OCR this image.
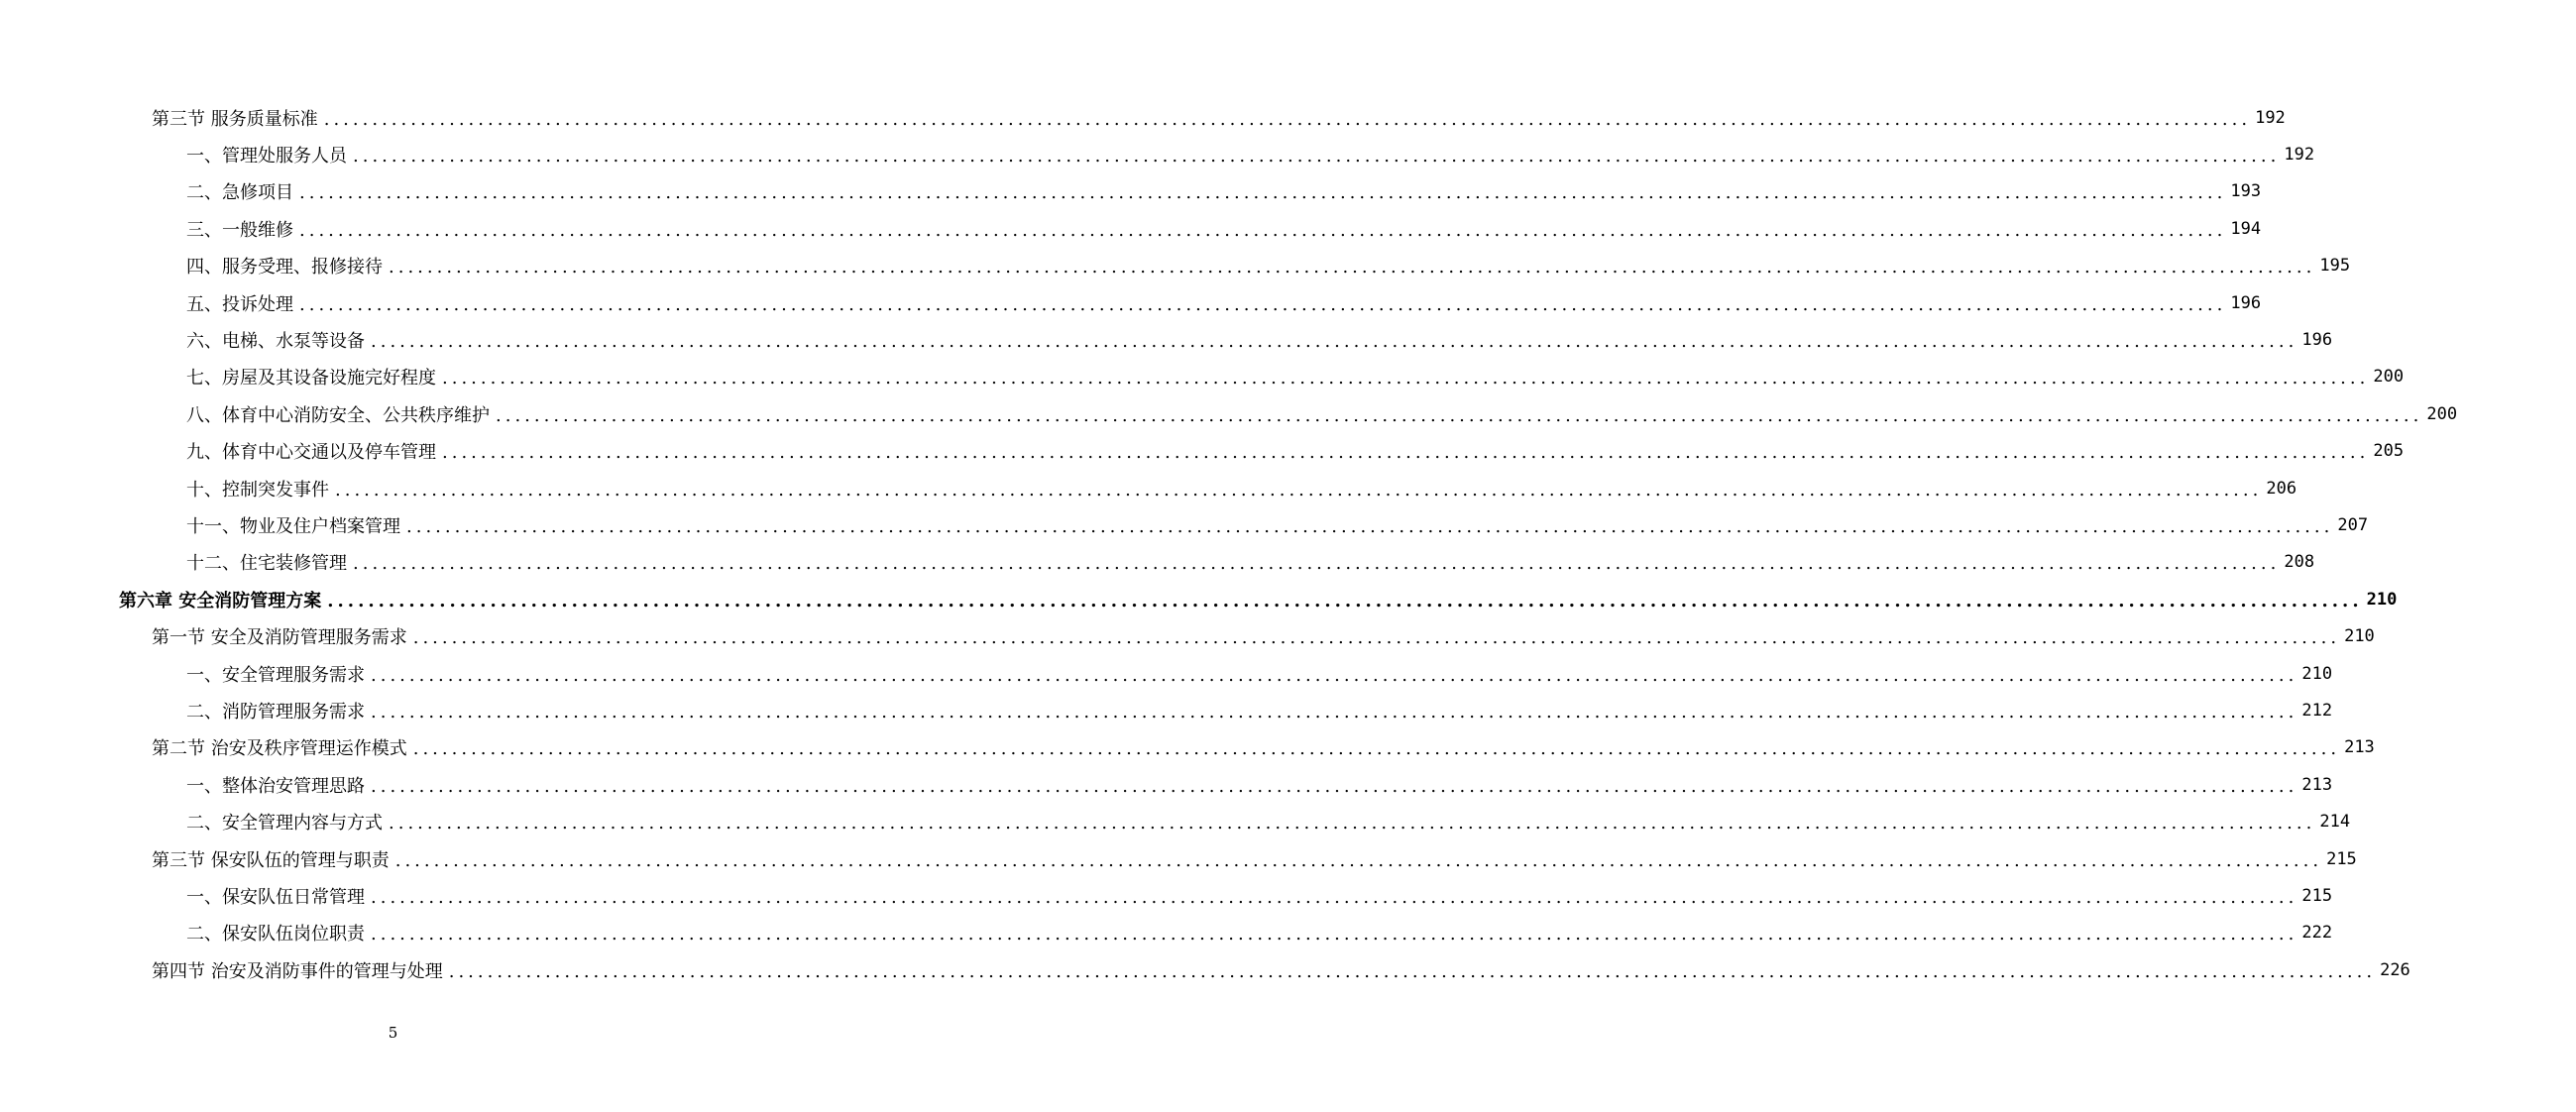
第三节 服务质量标准 ........................................................................................................................................................................................................ 192
一、管理处服务人员 ........................................................................................................................................................................................................ 192
二、急修项目 ........................................................................................................................................................................................................ 193
三、一般维修 ........................................................................................................................................................................................................ 194
四、服务受理、报修接待 ........................................................................................................................................................................................................ 195
五、投诉处理 ........................................................................................................................................................................................................ 196
六、电梯、水泵等设备 ........................................................................................................................................................................................................ 196
七、房屋及其设备设施完好程度 ........................................................................................................................................................................................................ 200
八、体育中心消防安全、公共秩序维护 ........................................................................................................................................................................................................ 200
九、体育中心交通以及停车管理 ........................................................................................................................................................................................................ 205
十、控制突发事件 ........................................................................................................................................................................................................ 206
十一、物业及住户档案管理 ........................................................................................................................................................................................................ 207
十二、住宅装修管理 ........................................................................................................................................................................................................ 208
第六章 安全消防管理方案 ........................................................................................................................................................................................................ 210
第一节 安全及消防管理服务需求 ........................................................................................................................................................................................................ 210
一、安全管理服务需求 ........................................................................................................................................................................................................ 210
二、消防管理服务需求 ........................................................................................................................................................................................................ 212
第二节 治安及秩序管理运作模式 ........................................................................................................................................................................................................ 213
一、整体治安管理思路 ........................................................................................................................................................................................................ 213
二、安全管理内容与方式 ........................................................................................................................................................................................................ 214
第三节 保安队伍的管理与职责 ........................................................................................................................................................................................................ 215
一、保安队伍日常管理 ........................................................................................................................................................................................................ 215
二、保安队伍岗位职责 ........................................................................................................................................................................................................ 222
第四节 治安及消防事件的管理与处理 ........................................................................................................................................................................................................ 226
5
